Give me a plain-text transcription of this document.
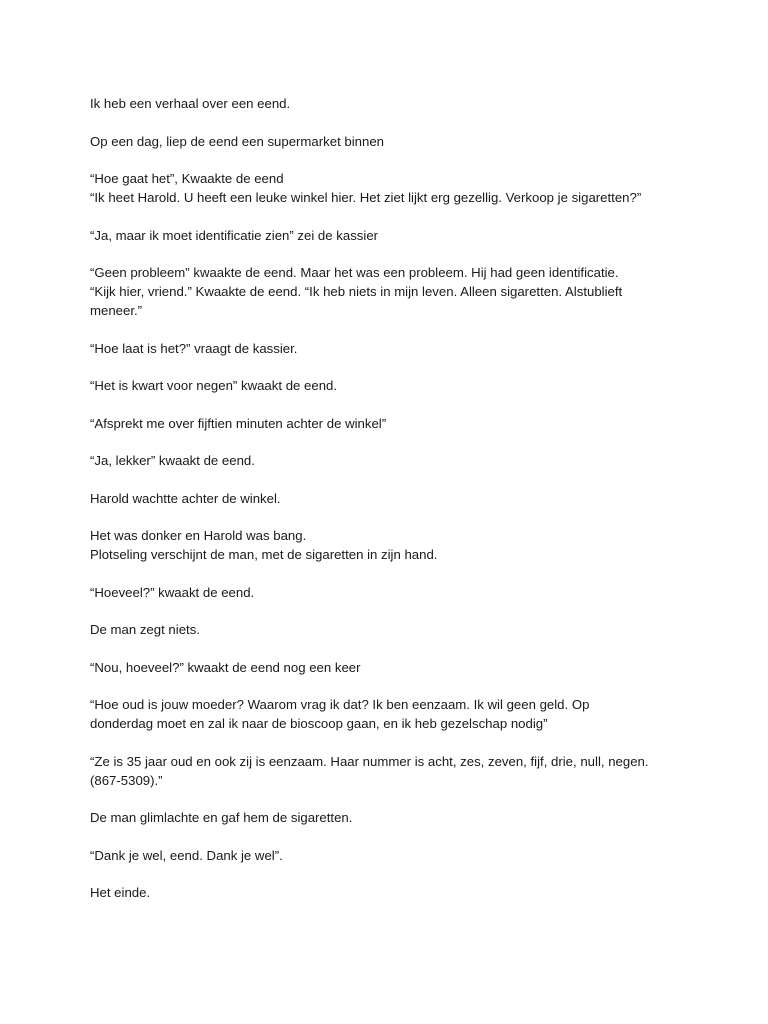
Ik heb een verhaal over een eend.

Op een dag, liep de eend een supermarket binnen

“Hoe gaat het”, Kwaakte de eend
“Ik heet Harold. U heeft een leuke winkel hier. Het ziet lijkt erg gezellig. Verkoop je sigaretten?”

“Ja, maar ik moet identificatie zien” zei de kassier

“Geen probleem” kwaakte de eend. Maar het was een probleem. Hij had geen identificatie.
“Kijk hier, vriend.” Kwaakte de eend. “Ik heb niets in mijn leven. Alleen sigaretten. Alstublieft
meneer.”

“Hoe laat is het?” vraagt de kassier.

“Het is kwart voor negen” kwaakt de eend.

“Afsprekt me over fijftien minuten achter de winkel”

“Ja, lekker” kwaakt de eend.

Harold wachtte achter de winkel.

Het was donker en Harold was bang.
Plotseling verschijnt de man, met de sigaretten in zijn hand.

“Hoeveel?” kwaakt de eend.

De man zegt niets.

“Nou, hoeveel?” kwaakt de eend nog een keer

“Hoe oud is jouw moeder? Waarom vrag ik dat? Ik ben eenzaam. Ik wil geen geld. Op
donderdag moet en zal ik naar de bioscoop gaan, en ik heb gezelschap nodig”

“Ze is 35 jaar oud en ook zij is eenzaam. Haar nummer is acht, zes, zeven, fijf, drie, null, negen.
(867-5309).”

De man glimlachte en gaf hem de sigaretten.

“Dank je wel, eend. Dank je wel”.

Het einde.
